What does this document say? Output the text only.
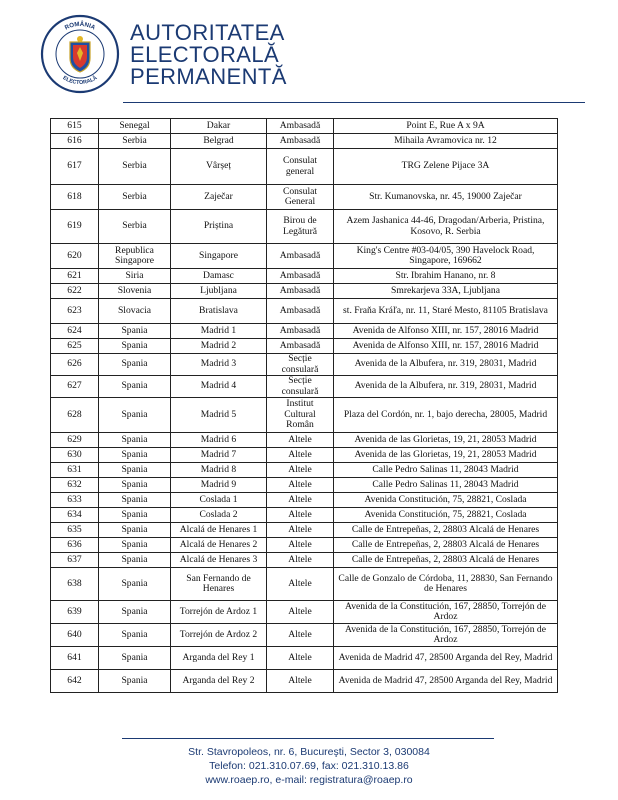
ROMÂNIA
ELECTORALĂ
AUTORITATEA
ELECTORALĂ
PERMANENTĂ
615	Senegal	Dakar	Ambasadă	Point E, Rue A x 9A
616	Serbia	Belgrad	Ambasadă	Mihaila Avramovica nr. 12
617	Serbia	Vârșeț	Consulat general	TRG Zelene Pijace 3A
618	Serbia	Zaječar	Consulat General	Str. Kumanovska, nr. 45, 19000 Zaječar
619	Serbia	Priștina	Birou de Legătură	Azem Jashanica 44-46, Dragodan/Arberia, Pristina, Kosovo, R. Serbia
620	Republica Singapore	Singapore	Ambasadă	King's Centre #03-04/05, 390 Havelock Road, Singapore, 169662
621	Siria	Damasc	Ambasadă	Str. Ibrahim Hanano, nr. 8
622	Slovenia	Ljubljana	Ambasadă	Smrekarjeva 33A, Ljubljana
623	Slovacia	Bratislava	Ambasadă	st. Fraňa Kráľa, nr. 11, Staré Mesto, 81105 Bratislava
624	Spania	Madrid 1	Ambasadă	Avenida de Alfonso XIII, nr. 157, 28016 Madrid
625	Spania	Madrid 2	Ambasadă	Avenida de Alfonso XIII, nr. 157, 28016 Madrid
626	Spania	Madrid 3	Secție consulară	Avenida de la Albufera, nr. 319, 28031, Madrid
627	Spania	Madrid 4	Secție consulară	Avenida de la Albufera, nr. 319, 28031, Madrid
628	Spania	Madrid 5	Institut Cultural Român	Plaza del Cordón, nr. 1, bajo derecha, 28005, Madrid
629	Spania	Madrid 6	Altele	Avenida de las Glorietas, 19, 21, 28053 Madrid
630	Spania	Madrid 7	Altele	Avenida de las Glorietas, 19, 21, 28053 Madrid
631	Spania	Madrid 8	Altele	Calle Pedro Salinas 11, 28043 Madrid
632	Spania	Madrid 9	Altele	Calle Pedro Salinas 11, 28043 Madrid
633	Spania	Coslada 1	Altele	Avenida Constitución, 75, 28821, Coslada
634	Spania	Coslada 2	Altele	Avenida Constitución, 75, 28821, Coslada
635	Spania	Alcalá de Henares 1	Altele	Calle de Entrepeñas, 2, 28803 Alcalá de Henares
636	Spania	Alcalá de Henares 2	Altele	Calle de Entrepeñas, 2, 28803 Alcalá de Henares
637	Spania	Alcalá de Henares 3	Altele	Calle de Entrepeñas, 2, 28803 Alcalá de Henares
638	Spania	San Fernando de Henares	Altele	Calle de Gonzalo de Córdoba, 11, 28830, San Fernando de Henares
639	Spania	Torrejón de Ardoz 1	Altele	Avenida de la Constitución, 167, 28850, Torrejón de Ardoz
640	Spania	Torrejón de Ardoz 2	Altele	Avenida de la Constitución, 167, 28850, Torrejón de Ardoz
641	Spania	Arganda del Rey 1	Altele	Avenida de Madrid 47, 28500 Arganda del Rey, Madrid
642	Spania	Arganda del Rey 2	Altele	Avenida de Madrid 47, 28500 Arganda del Rey, Madrid
Str. Stavropoleos, nr. 6, Bucureşti, Sector 3, 030084
Telefon: 021.310.07.69, fax: 021.310.13.86
www.roaep.ro, e-mail: registratura@roaep.ro
